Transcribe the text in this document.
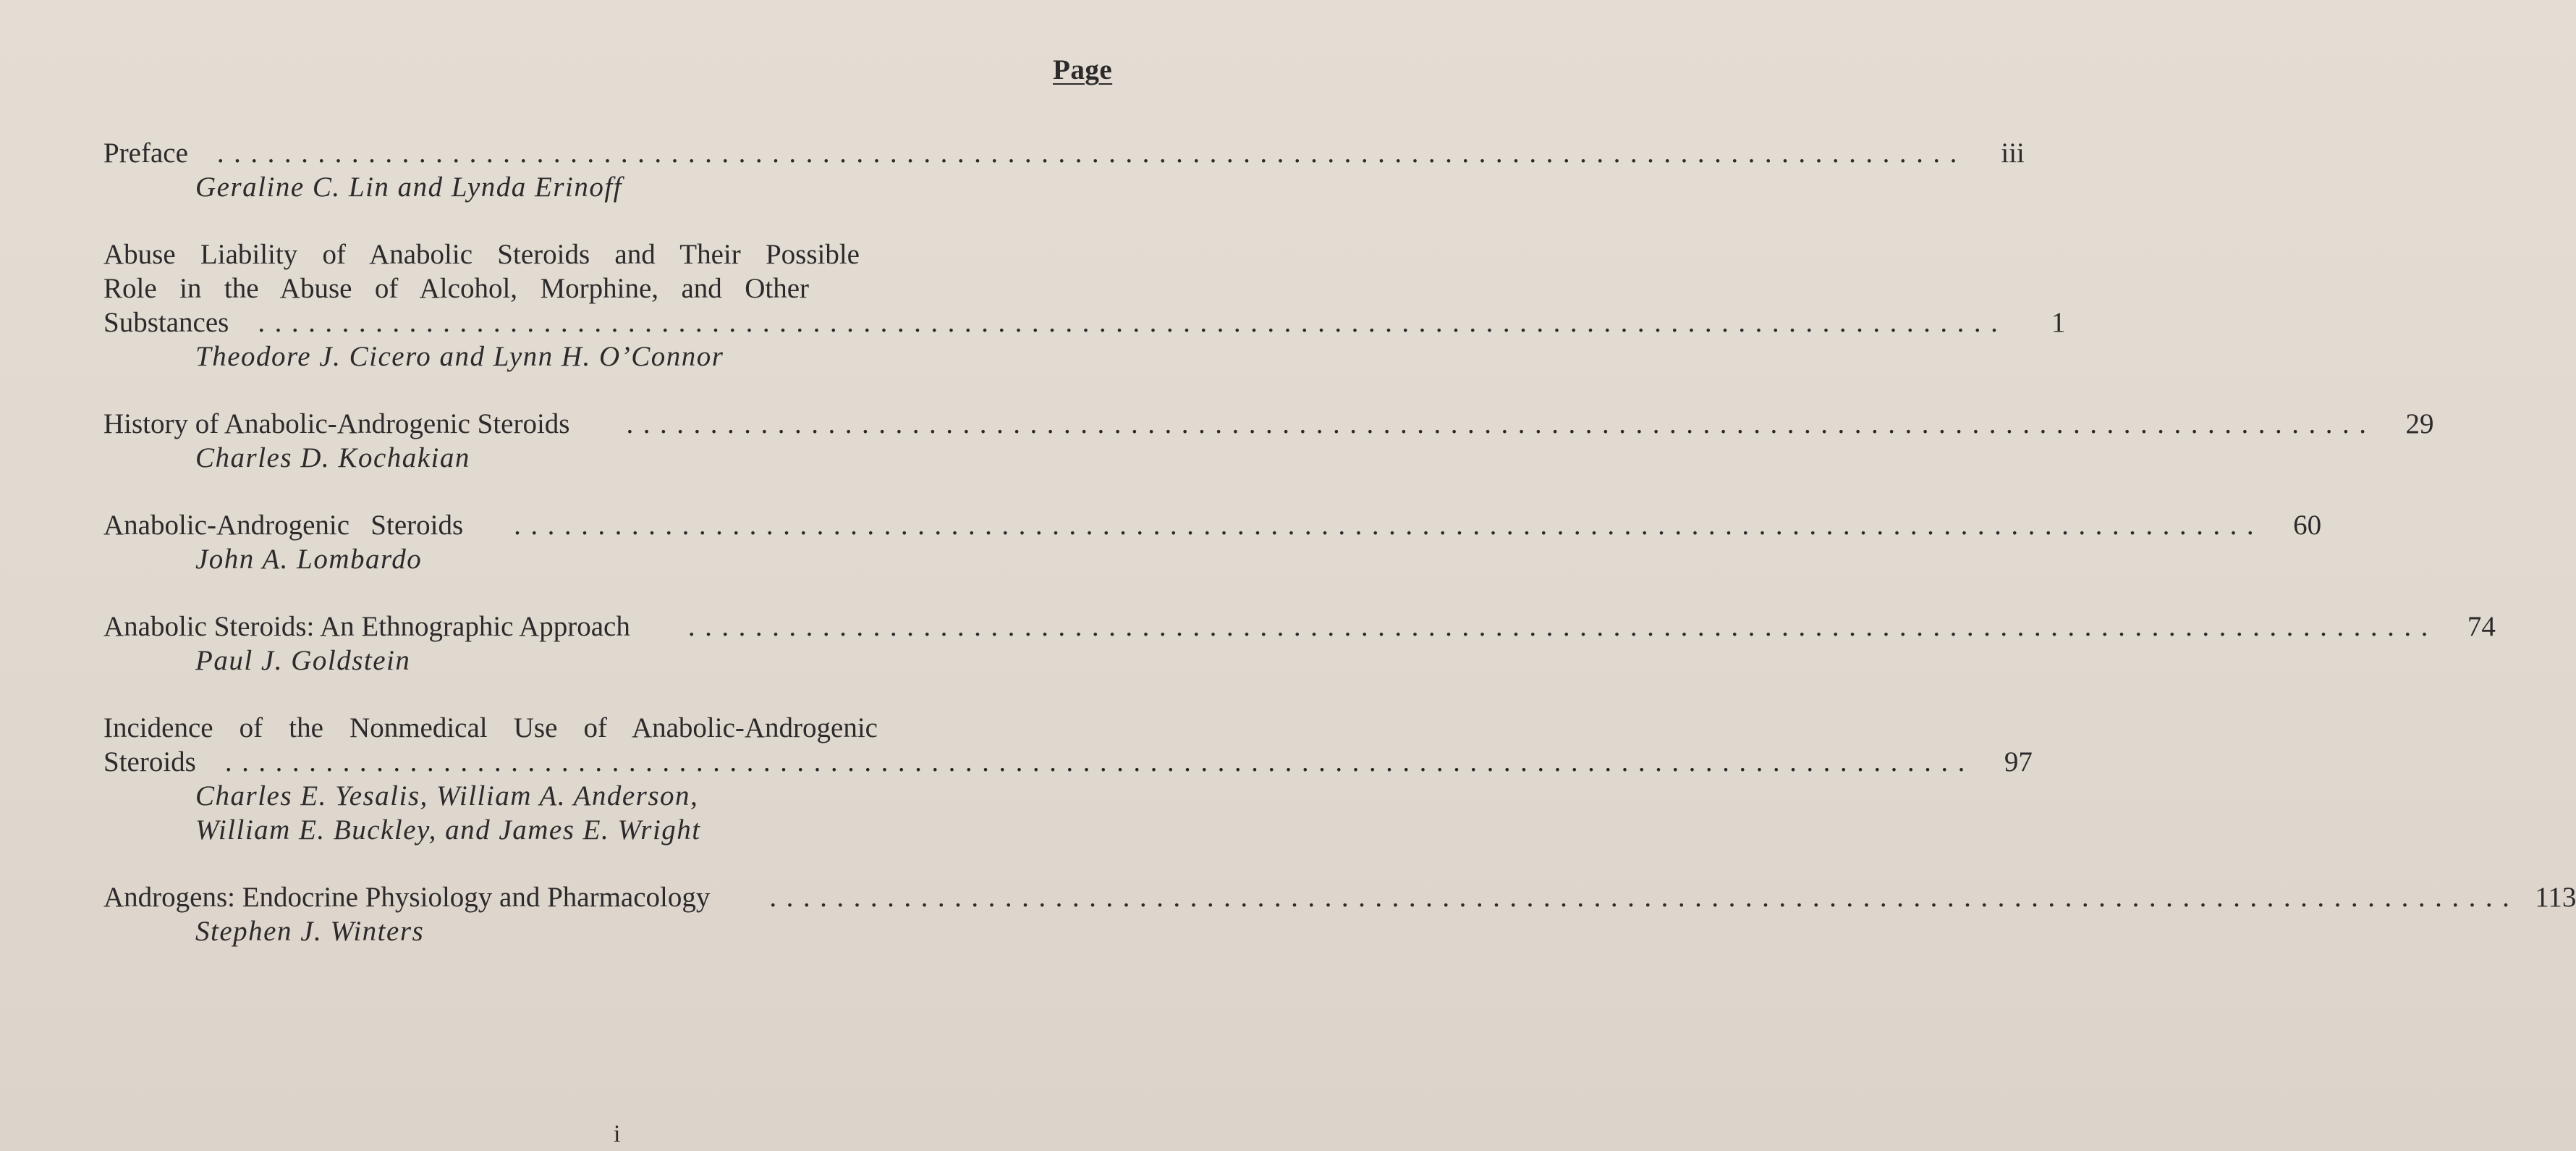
Page
Preface ........................................................................................................ iii
Geraline C. Lin and Lynda Erinoff
Abuse Liability of Anabolic Steroids and Their Possible
Role in the Abuse of Alcohol, Morphine, and Other
Substances ........................................................................................................	1
Theodore J. Cicero and Lynn H. O’Connor
History of Anabolic-Androgenic Steroids ........................................................................................................ 29
Charles D. Kochakian
Anabolic-Androgenic   Steroids ........................................................................................................ 60
John A. Lombardo
Anabolic Steroids: An Ethnographic Approach ........................................................................................................ 74
Paul J. Goldstein
Incidence of the Nonmedical Use of Anabolic-Androgenic
Steroids ........................................................................................................ 97
Charles E. Yesalis, William A. Anderson,
William E. Buckley, and James E. Wright
Androgens: Endocrine Physiology and Pharmacology ........................................................................................................ 113
Stephen J. Winters
i
